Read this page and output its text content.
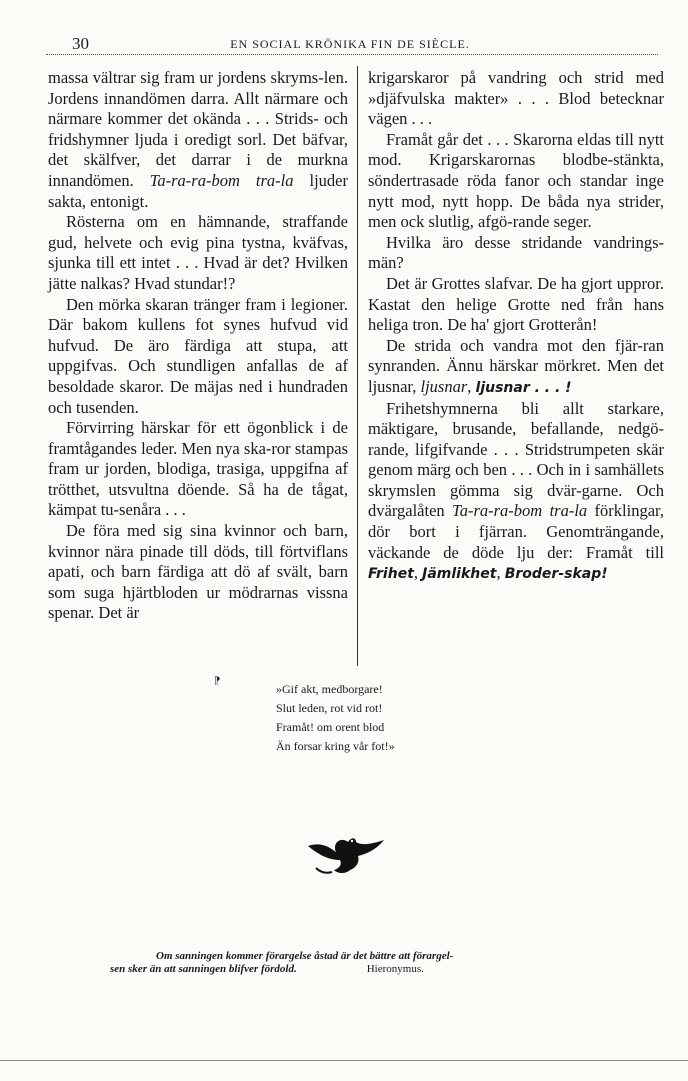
30	EN SOCIAL KRÖNIKA FIN DE SIÈCLE.

massa vältrar sig fram ur jordens skryms-len. Jordens innandömen darra. Allt närmare och närmare kommer det okända . . . Strids- och fridshymner ljuda i oredigt sorl. Det bäfvar, det skälfver, det darrar i de murkna innandömen. Ta-ra-ra-bom tra-la ljuder sakta, entonigt.

Rösterna om en hämnande, straffande gud, helvete och evig pina tystna, kväfvas, sjunka till ett intet . . . Hvad är det? Hvilken jätte nalkas? Hvad stundar!?

Den mörka skaran tränger fram i legioner. Där bakom kullens fot synes hufvud vid hufvud. De äro färdiga att stupa, att uppgifvas. Och stundligen anfallas de af besoldade skaror. De mäjas ned i hundraden och tusenden.

Förvirring härskar för ett ögonblick i de framtågandes leder. Men nya ska-ror stampas fram ur jorden, blodiga, trasiga, uppgifna af trötthet, utsvultna döende. Så ha de tågat, kämpat tu-senåra . . .

De föra med sig sina kvinnor och barn, kvinnor nära pinade till döds, till förtviflans apati, och barn färdiga att dö af svält, barn som suga hjärtbloden ur mödrarnas vissna spenar. Det är

krigarskaror på vandring och strid med »djäfvulska makter» . . . Blod betecknar vägen . . .

Framåt går det . . . Skarorna eldas till nytt mod. Krigarskarornas blodbe-stänkta, söndertrasade röda fanor och standar inge nytt mod, nytt hopp. De båda nya strider, men ock slutlig, afgö-rande seger.

Hvilka äro desse stridande vandrings-män?

Det är Grottes slafvar. De ha gjort uppror. Kastat den helige Grotte ned från hans heliga tron. De ha' gjort Grotterån!

De strida och vandra mot den fjär-ran synranden. Ännu härskar mörkret. Men det ljusnar, ljusnar, ljusnar . . . !

Frihetshymnerna bli allt starkare, mäktigare, brusande, befallande, nedgö-rande, lifgifvande . . . Stridstrumpeten skär genom märg och ben . . . Och in i samhällets skrymslen gömma sig dvär-garne. Och dvärgalåten Ta-ra-ra-bom tra-la förklingar, dör bort i fjärran. Genomträngande, väckande de döde lju der: Framåt till Frihet, Jämlikhet, Broder-skap!

⁋
»Gif akt, medborgare!
Slut leden, rot vid rot!
Framåt! om orent blod
Än forsar kring vår fot!»
Om sanningen kommer förargelse åstad är det bättre att förargel-
sen sker än att sanningen blifver fördold.	Hieronymus.
